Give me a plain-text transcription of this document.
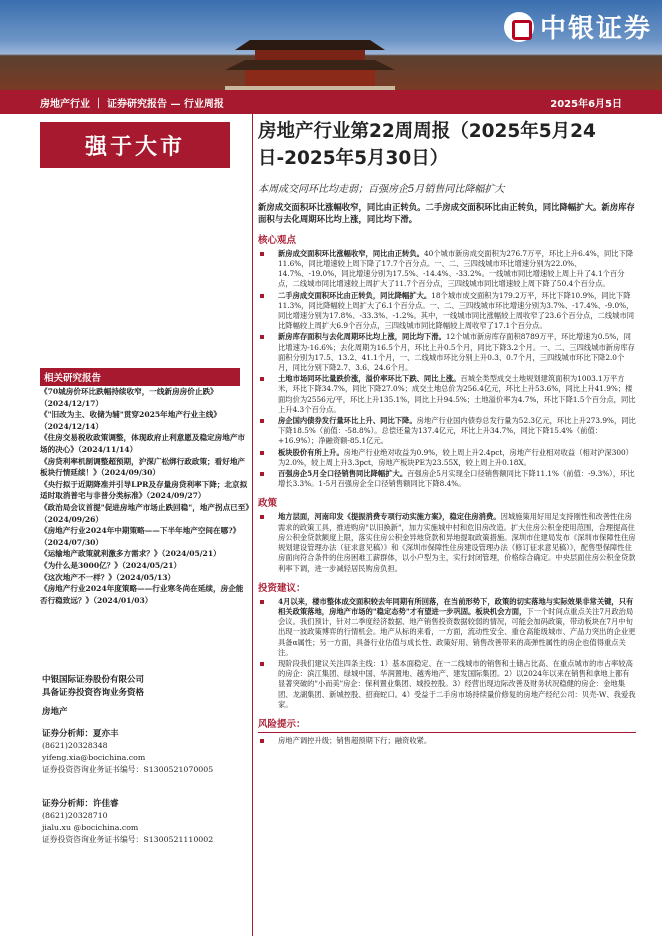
中银证券
房地产行业 ｜ 证券研究报告 — 行业周报	2025年6月5日
强于大市
相关研究报告
《70城房价环比跌幅持续收窄，一线新房房价止跌》（2024/12/17）
《"旧改为主、收储为辅"贯穿2025年地产行业主线》（2024/12/14）
《住房交易税收政策调整，体现政府止利意愿及稳定房地产市场的决心》（2024/11/14）
《房贷利率机制调整超预期，沪深广松绑行政政策；看好地产板块行情延续！》（2024/09/30）
《央行拟于近期降准并引导LPR及存量房贷利率下降；北京拟适时取消普宅与非普分类标准》（2024/09/27）
《政治局会议首提"促进房地产市场止跌回稳"，地产拐点已至》（2024/09/26）
《房地产行业2024年中期策略——下半年地产空间在哪?》（2024/07/30）
《运输地产政策就利激多方需求？》（2024/05/21）
《为什么是3000亿？》（2024/05/21）
《这次地产不一样？》（2024/05/13）
《房地产行业2024年度策略——行业寒冬尚在延续，房企能否行稳致远？》（2024/01/03）
中银国际证券股份有限公司
具备证券投资咨询业务资格
房地产
证券分析师：夏亦丰
(8621)20328348
yifeng.xia@bocichina.com
证券投资咨询业务证书编号：S1300521070005
证券分析师：许佳睿
(8621)20328710
jialu.xu @bocichina.com
证券投资咨询业务证书编号：S1300521110002
房地产行业第22周周报（2025年5月24日-2025年5月30日）
本周成交同环比均走弱；百强房企5月销售同比降幅扩大
新房成交面积环比涨幅收窄，同比由正转负。二手房成交面积环比由正转负，同比降幅扩大。新房库存面积与去化周期环比均上涨，同比均下滑。
核心观点
新房成交面积环比涨幅收窄，同比由正转负。40个城市新房成交面积为276.7万平，环比上升6.4%，同比下降11.6%，同比增速较上周下降了17.7个百分点。一、二、三四线城市环比增速分别为22.0%、14.7%、-19.0%，同比增速分别为17.5%、-14.4%、-33.2%。一线城市同比增速较上周上升了4.1个百分点，二线城市同比增速较上周扩大了11.7个百分点，三四线城市同比增速较上周下降了50.4个百分点。
二手房成交面积环比由正转负，同比降幅扩大。18个城市成交面积为179.2万平，环比下降10.9%，同比下降11.3%，同比降幅较上周扩大了6.1个百分点。一、二、三四线城市环比增速分别为3.7%、-17.4%、-9.0%，同比增速分别为17.8%、-33.3%、-1.2%。其中，一线城市同比涨幅较上周收窄了23.6个百分点，二线城市同比降幅较上周扩大6.9个百分点，三四线城市同比降幅较上周收窄了17.1个百分点。
新房库存面积与去化周期环比均上涨，同比均下滑。12个城市新房库存面积8789万平，环比增速为0.5%，同比增速为-16.6%；去化周期为16.5个月，环比上升0.5个月，同比下降3.2个月。一、二、三四线城市新房库存面积分别为17.5、13.2、41.1个月，一、二线城市环比分别上升0.3、0.7个月，三四线城市环比下降2.0个月，同比分别下降2.7、3.6、24.6个月。
土地市场同环比量跌价涨，溢价率环比下跌、同比上涨。百城全类型成交土地规划建筑面积为1003.1万平方米，环比下降34.7%，同比下降27.0%；成交土地总价为256.4亿元，环比上升53.6%，同比上升41.9%；楼面均价为2556元/平，环比上升135.1%，同比上升94.5%；土地溢价率为4.7%，环比下降1.5个百分点，同比上升4.3个百分点。
房企国内债券发行量环比上升、同比下降。房地产行业国内债券总发行量为52.3亿元，环比上升273.9%，同比下降18.5%（前值：-58.8%）。总偿还量为137.4亿元，环比上升34.7%，同比下降15.4%（前值：+16.9%）；净融资额-85.1亿元。
板块股价有所上升。房地产行业绝对收益为0.9%，较上周上升2.4pct，房地产行业相对收益（相对沪深300）为2.0%，较上周上升3.3pct，房地产板块PE为23.55X，较上周上升0.18X。
百强房企5月全口径销售同比降幅扩大。百强房企5月实现全口径销售额同比下降11.1%（前值：-9.3%），环比增长3.3%。1-5月百强房企全口径销售额同比下降8.4%。
政策
地方层面，河南印发《提振消费专项行动实施方案》，稳定住房消费。因城施策用好用足支持刚性和改善性住房需求的政策工具，推进购房"以旧换新"，加力实施城中村和危旧房改造。扩大住房公积金使用范围，合理提高住房公积金贷款额度上限，落实住房公积金异地贷款和异地提取政策措施。深圳市住建局发布《深圳市保障性住房规划建设管理办法（征求意见稿）》和《深圳市保障性住房建设管理办法（修订征求意见稿）》，配售型保障性住房面向符合条件的住房困难工薪群体，以小户型为主，实行封闭管理，价格综合确定。中央层面住房公积金贷款利率下调，进一步减轻居民购房负担。
投资建议：
4月以来，楼市整体成交面积较去年同期有所回落，在当前形势下，政策的切实落地与实际效果非常关键，只有相关政策落地，房地产市场的"稳定态势"才有望进一步巩固。板块机会方面，下一个时间点重点关注7月政治局会议。我们预计，针对二季度经济数据、地产销售投资数据较弱的情况，可能会加码政策，带动板块在7月中旬出现一波政策博弈的行情机会。地产从标的来看，一方面，流动性安全、重仓高能级城市、产品力突出的企业更具备α属性；另一方面，具备行业估值与成长性、政策好用、销售改善带来的高弹性属性的房企也值得重点关注。
现阶段我们建议关注四条主线：1）基本面稳定、在一二线城市的销售和土储占比高、在重点城市的市占率较高的房企：滨江集团、绿城中国、华润置地、越秀地产、建发国际集团。2）以2024年以来在销售和拿地上都有显著突破的"小而美"房企：保利置业集团、城投控股。3）经营出现边际改善及财务状况稳健的房企：金地集团、龙湖集团、新城控股、招商蛇口。4）受益于二手房市场持续量价修复的房地产经纪公司：贝壳-W、我爱我家。
风险提示：
房地产调控升级；销售超预期下行；融资收紧。
